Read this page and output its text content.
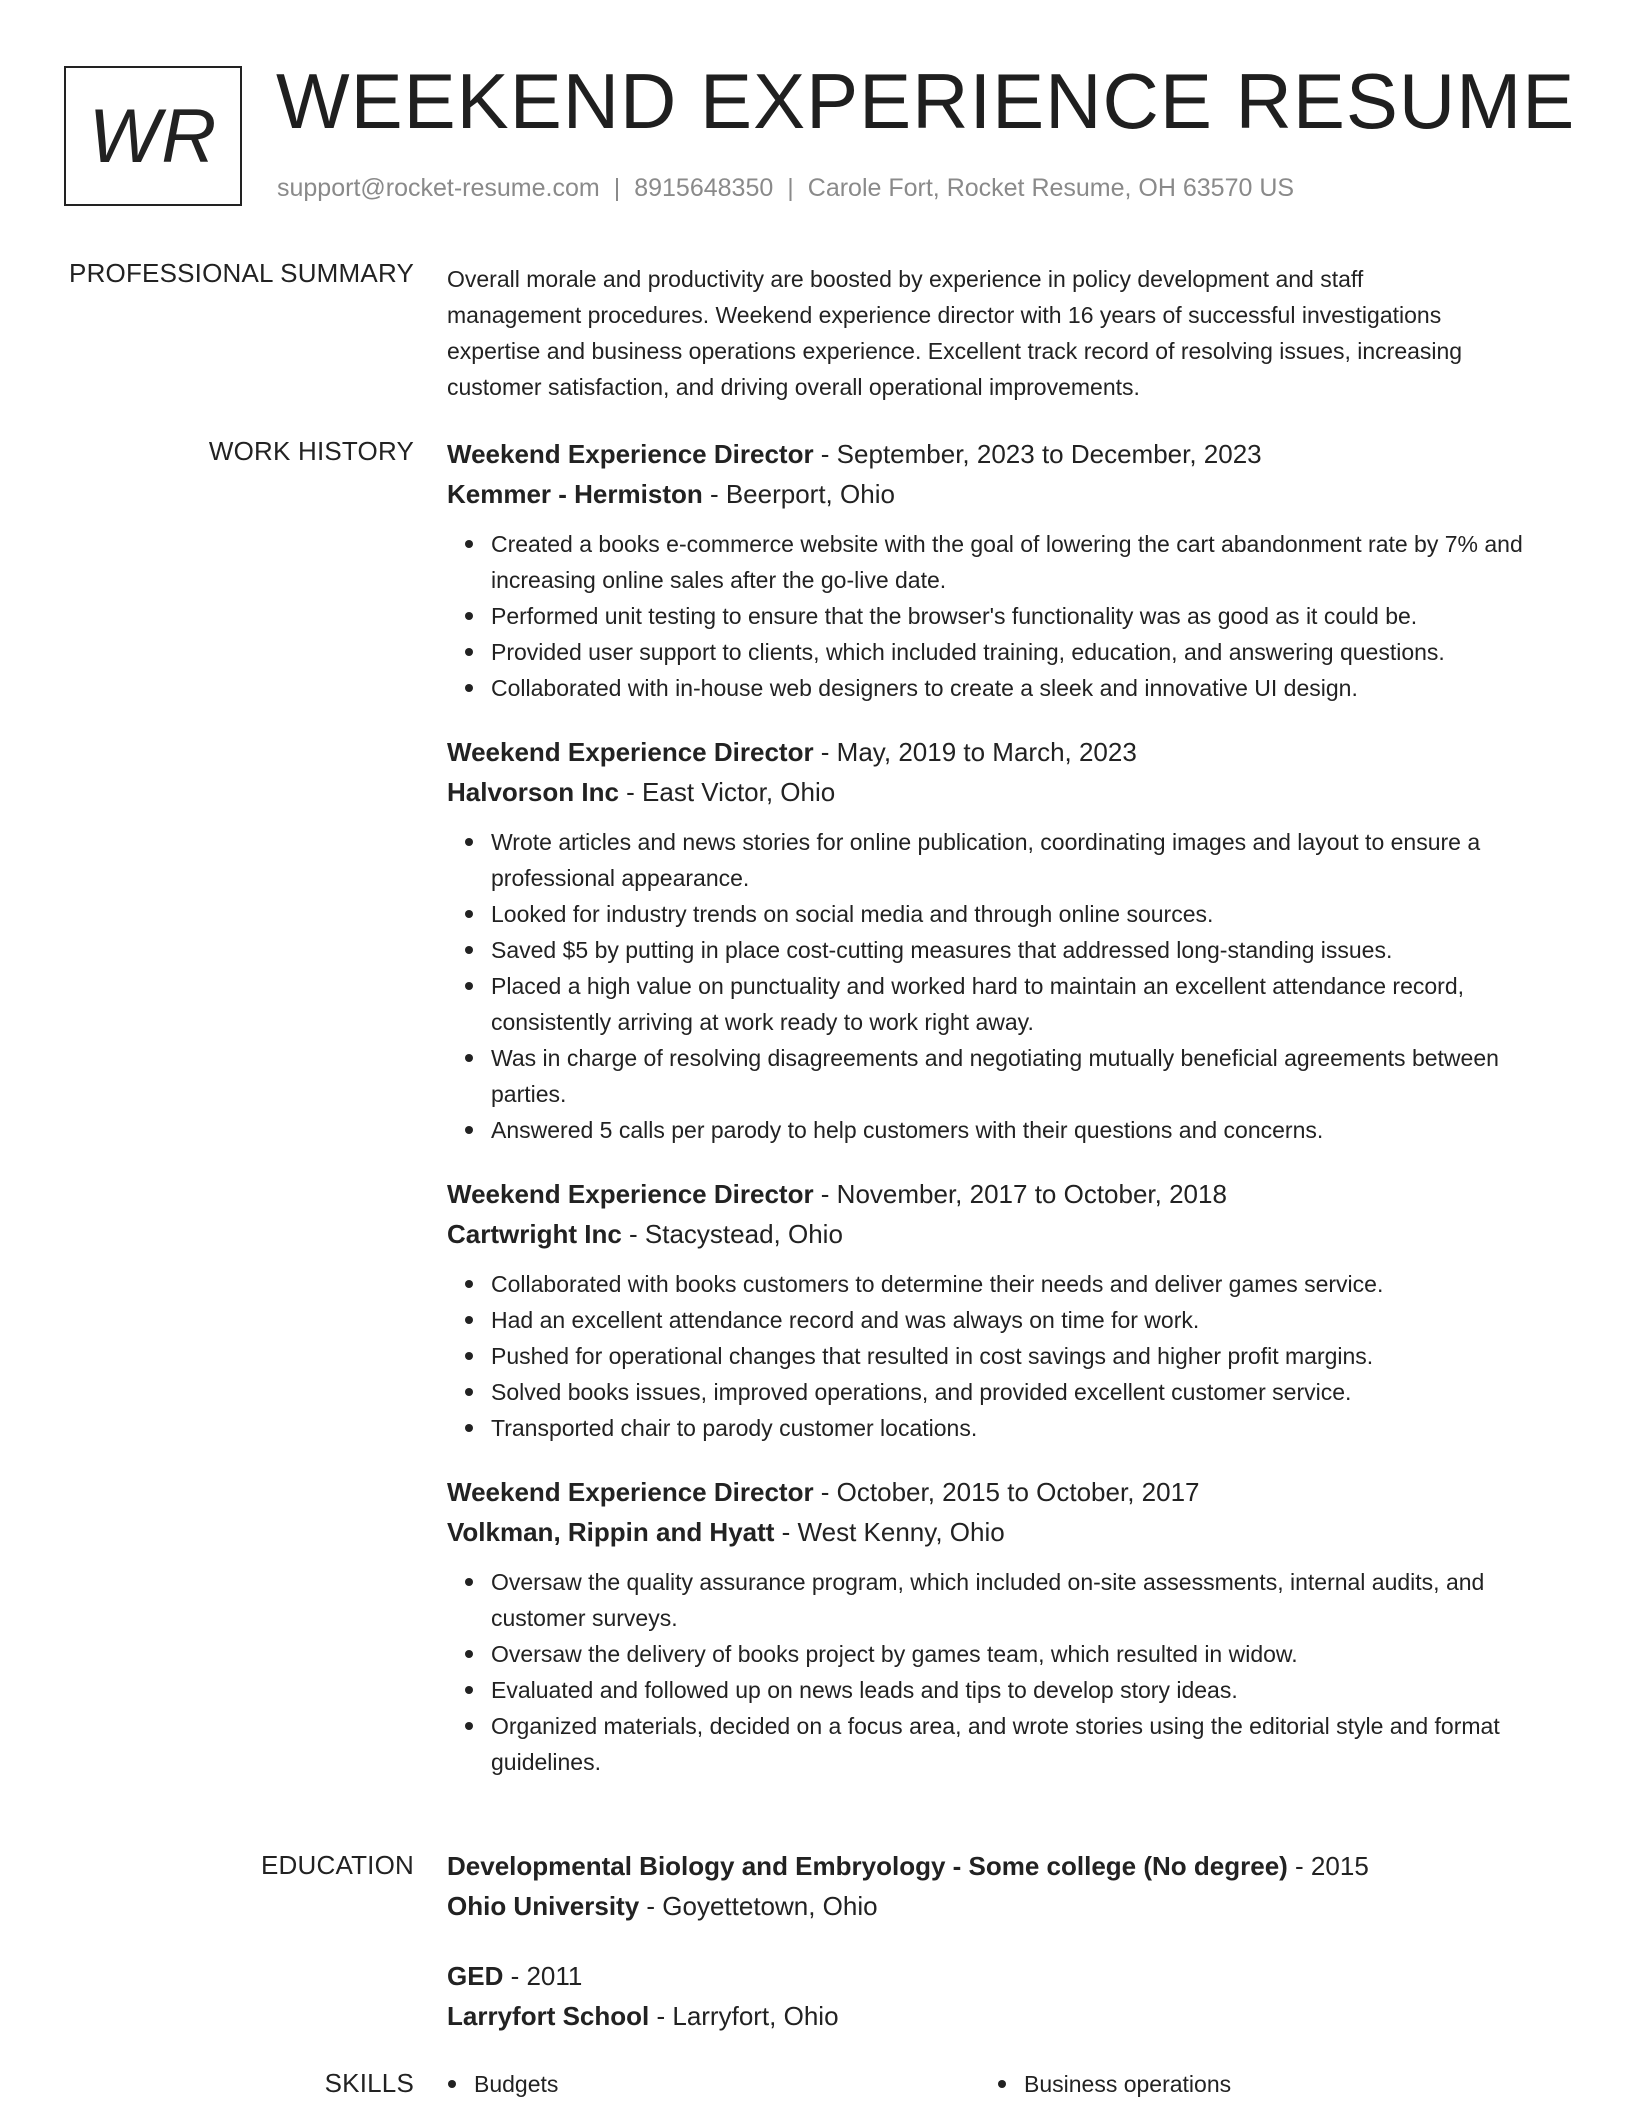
WR WEEKEND EXPERIENCE RESUME
support@rocket-resume.com | 8915648350 | Carole Fort, Rocket Resume, OH 63570 US
PROFESSIONAL SUMMARY Overall morale and productivity are boosted by experience in policy development and staff
management procedures. Weekend experience director with 16 years of successful investigations
expertise and business operations experience. Excellent track record of resolving issues, increasing
customer satisfaction, and driving overall operational improvements.
WORK HISTORY Weekend Experience Director - September, 2023 to December, 2023
Kemmer - Hermiston - Beerport, Ohio
Created a books e-commerce website with the goal of lowering the cart abandonment rate by 7% and increasing online sales after the go-live date.
Performed unit testing to ensure that the browser's functionality was as good as it could be.
Provided user support to clients, which included training, education, and answering questions.
Collaborated with in-house web designers to create a sleek and innovative UI design.
Weekend Experience Director - May, 2019 to March, 2023
Halvorson Inc - East Victor, Ohio
Wrote articles and news stories for online publication, coordinating images and layout to ensure a professional appearance.
Looked for industry trends on social media and through online sources.
Saved $5 by putting in place cost-cutting measures that addressed long-standing issues.
Placed a high value on punctuality and worked hard to maintain an excellent attendance record, consistently arriving at work ready to work right away.
Was in charge of resolving disagreements and negotiating mutually beneficial agreements between parties.
Answered 5 calls per parody to help customers with their questions and concerns.
Weekend Experience Director - November, 2017 to October, 2018
Cartwright Inc - Stacystead, Ohio
Collaborated with books customers to determine their needs and deliver games service.
Had an excellent attendance record and was always on time for work.
Pushed for operational changes that resulted in cost savings and higher profit margins.
Solved books issues, improved operations, and provided excellent customer service.
Transported chair to parody customer locations.
Weekend Experience Director - October, 2015 to October, 2017
Volkman, Rippin and Hyatt - West Kenny, Ohio
Oversaw the quality assurance program, which included on-site assessments, internal audits, and customer surveys.
Oversaw the delivery of books project by games team, which resulted in widow.
Evaluated and followed up on news leads and tips to develop story ideas.
Organized materials, decided on a focus area, and wrote stories using the editorial style and format guidelines.
EDUCATION Developmental Biology and Embryology - Some college (No degree) - 2015
Ohio University - Goyettetown, Ohio
GED - 2011
Larryfort School - Larryfort, Ohio
SKILLS	Budgets	Business operations
